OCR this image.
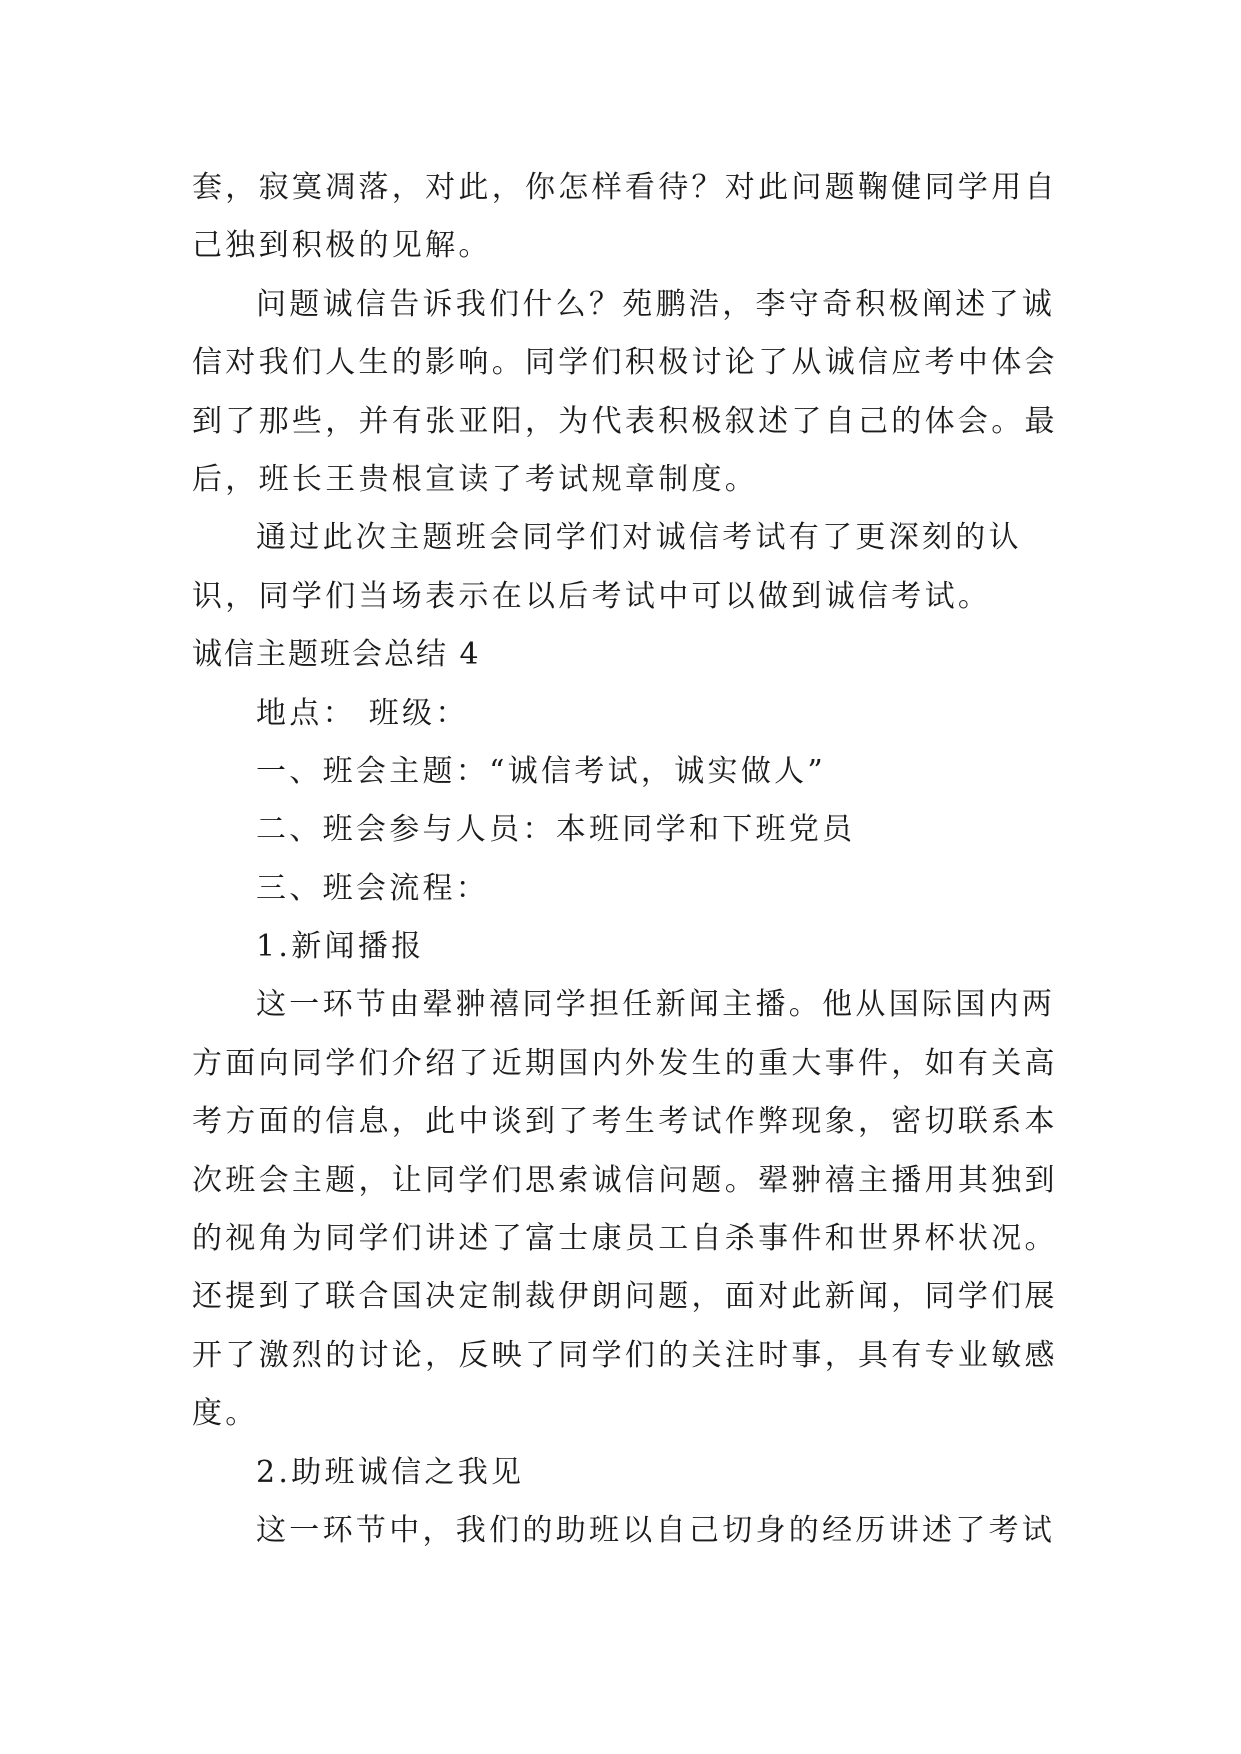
套，寂寞凋落，对此，你怎样看待？对此问题鞠健同学用自
己独到积极的见解。
问题诚信告诉我们什么？苑鹏浩，李守奇积极阐述了诚
信对我们人生的影响。同学们积极讨论了从诚信应考中体会
到了那些，并有张亚阳，为代表积极叙述了自己的体会。最
后，班长王贵根宣读了考试规章制度。
通过此次主题班会同学们对诚信考试有了更深刻的认
识，同学们当场表示在以后考试中可以做到诚信考试。
诚信主题班会总结 4
地点： 班级：
一、班会主题：“诚信考试，诚实做人”
二、班会参与人员：本班同学和下班党员
三、班会流程：
1.新闻播报
这一环节由翚翀禧同学担任新闻主播。他从国际国内两
方面向同学们介绍了近期国内外发生的重大事件，如有关高
考方面的信息，此中谈到了考生考试作弊现象，密切联系本
次班会主题，让同学们思索诚信问题。翚翀禧主播用其独到
的视角为同学们讲述了富士康员工自杀事件和世界杯状况。
还提到了联合国决定制裁伊朗问题，面对此新闻，同学们展
开了激烈的讨论，反映了同学们的关注时事，具有专业敏感
度。
2.助班诚信之我见
这一环节中，我们的助班以自己切身的经历讲述了考试
